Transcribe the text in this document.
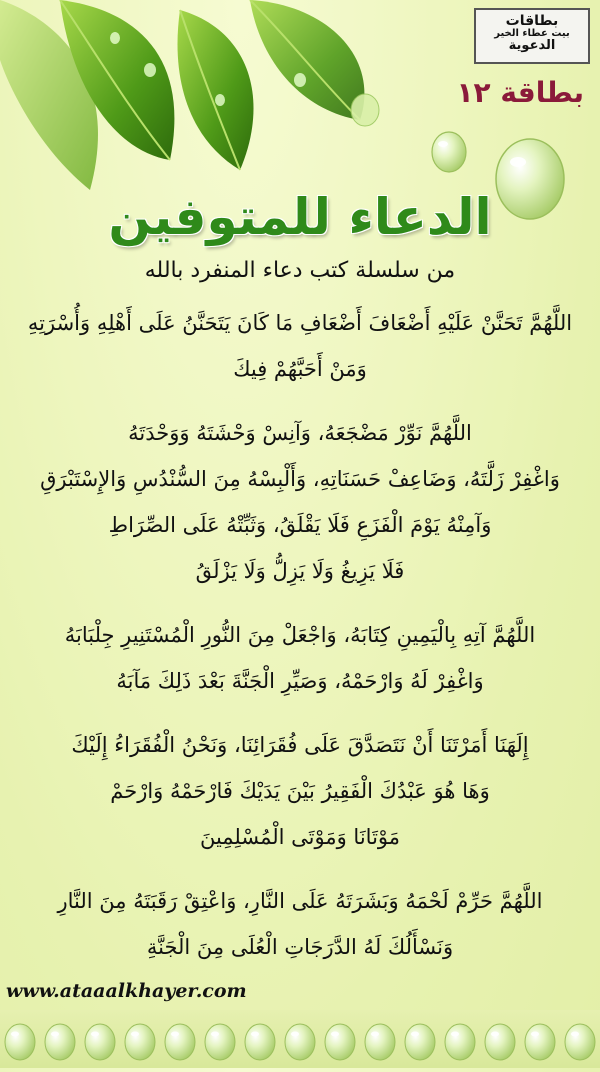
بطاقات
بيت عطاء الخير
الدعوية
بطاقة ١٢
الدعاء للمتوفين
من سلسلة كتب دعاء المنفرد بالله
اللَّهُمَّ تَحَنَّنْ عَلَيْهِ أَضْعَافَ أَضْعَافِ مَا كَانَ يَتَحَنَّنُ عَلَى أَهْلِهِ وَأُسْرَتِهِ
وَمَنْ أَحَبَّهُمْ فِيكَ
اللَّهُمَّ نَوِّرْ مَضْجَعَهُ، وَآنِسْ وَحْشَتَهُ وَوَحْدَتَهُ
وَاغْفِرْ زَلَّتَهُ، وَضَاعِفْ حَسَنَاتِهِ، وَأَلْبِسْهُ مِنَ السُّنْدُسِ وَالإِسْتَبْرَقِ
وَآمِنْهُ يَوْمَ الْفَزَعِ فَلَا يَقْلَقُ، وَثَبِّتْهُ عَلَى الصِّرَاطِ
فَلَا يَزِيغُ وَلَا يَزِلُّ وَلَا يَزْلَقُ
اللَّهُمَّ آتِهِ بِالْيَمِينِ كِتَابَهُ، وَاجْعَلْ مِنَ النُّورِ الْمُسْتَنِيرِ جِلْبَابَهُ
وَاغْفِرْ لَهُ وَارْحَمْهُ، وَصَيِّرِ الْجَنَّةَ بَعْدَ ذَلِكَ مَآبَهُ
إِلَهَنَا أَمَرْتَنَا أَنْ نَتَصَدَّقَ عَلَى فُقَرَائِنَا، وَنَحْنُ الْفُقَرَاءُ إِلَيْكَ
وَهَا هُوَ عَبْدُكَ الْفَقِيرُ بَيْنَ يَدَيْكَ فَارْحَمْهُ وَارْحَمْ
مَوْتَانَا وَمَوْتَى الْمُسْلِمِينَ
اللَّهُمَّ حَرِّمْ لَحْمَهُ وَبَشَرَتَهُ عَلَى النَّارِ، وَاعْتِقْ رَقَبَتَهُ مِنَ النَّارِ
وَنَسْأَلُكَ لَهُ الدَّرَجَاتِ الْعُلَى مِنَ الْجَنَّةِ
www.ataaalkhayer.com
